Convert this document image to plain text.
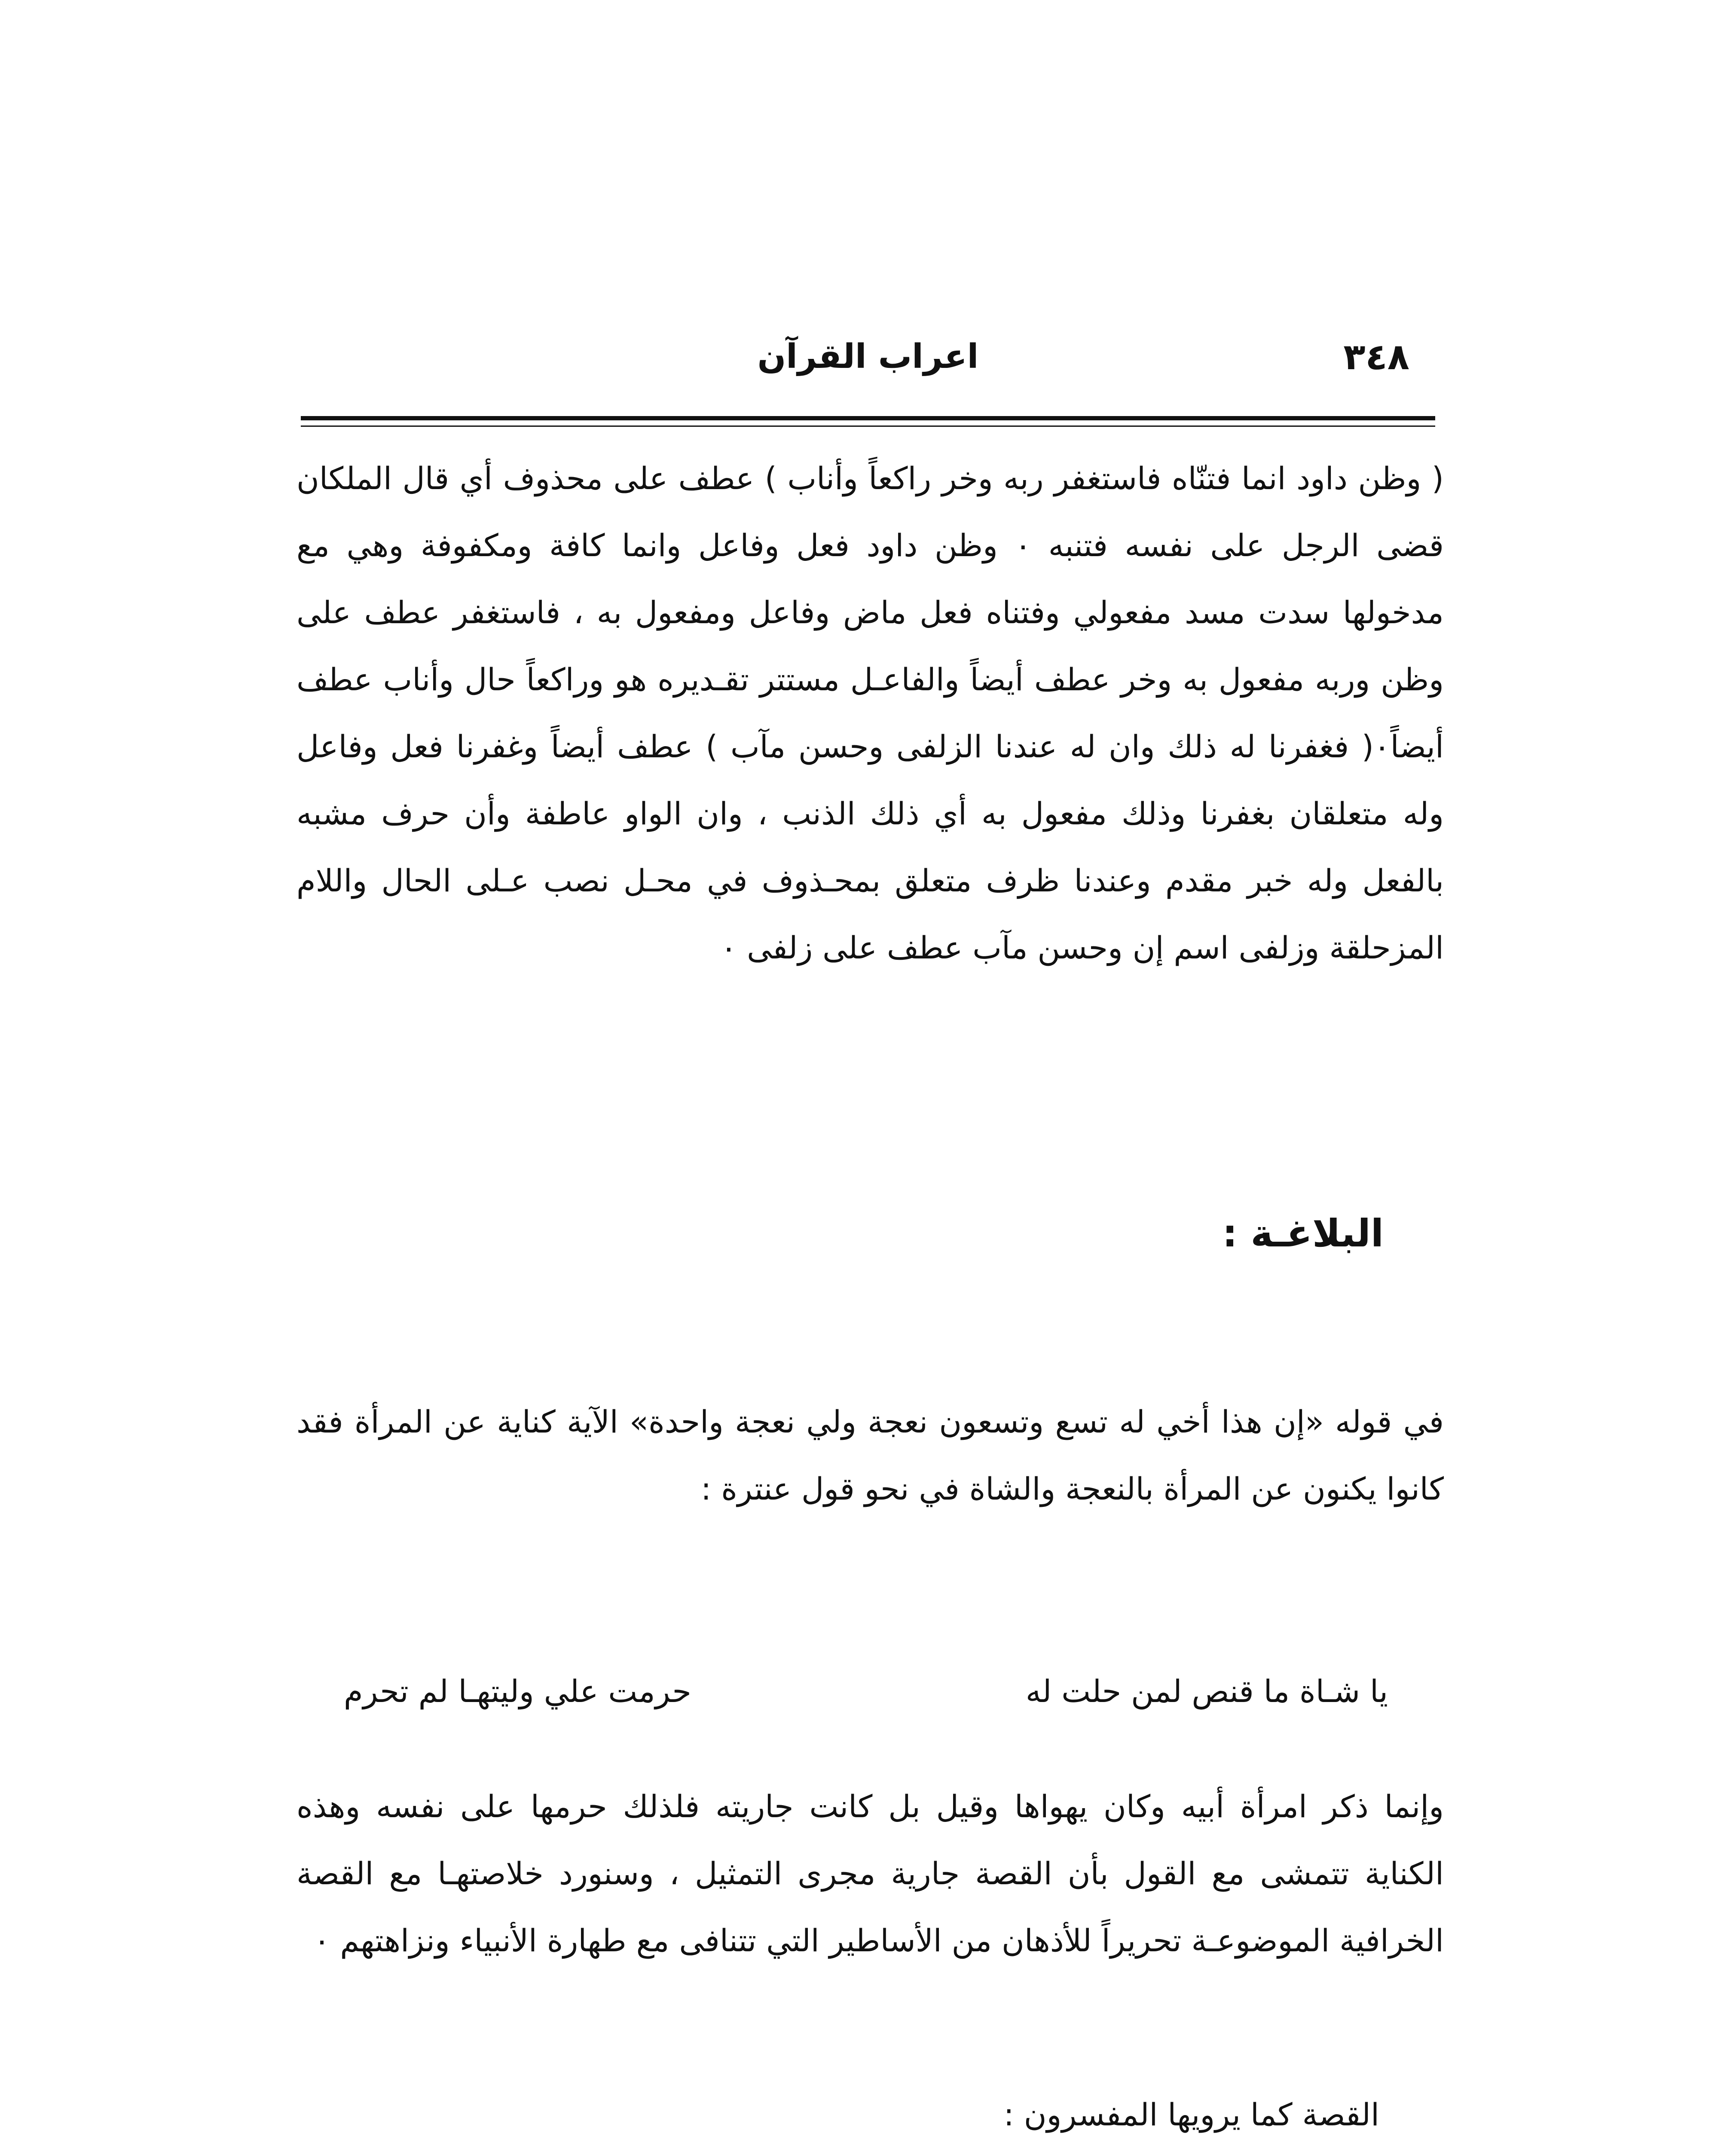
٣٤٨
اعراب القرآن

( وظن داود انما فتنّاه فاستغفر ربه وخر راكعاً وأناب ) عطف على محذوف أي قال الملكان قضى الرجل على نفسه فتنبه ٠ وظن داود فعل وفاعل وانما كافة ومكفوفة وهي مع مدخولها سدت مسد مفعولي وفتناه فعل ماض وفاعل ومفعول به ، فاستغفر عطف على وظن وربه مفعول به وخر عطف أيضاً والفاعـل مستتر تقـديره هو وراكعاً حال وأناب عطف أيضاً٠( فغفرنا له ذلك وان له عندنا الزلفى وحسن مآب ) عطف أيضاً وغفرنا فعل وفاعل وله متعلقان بغفرنا وذلك مفعول به أي ذلك الذنب ، وان الواو عاطفة وأن حرف مشبه بالفعل وله خبر مقدم وعندنا ظرف متعلق بمحـذوف في محـل نصب عـلى الحال واللام المزحلقة وزلفى اسم إن وحسن مآب عطف على زلفى ٠

البلاغـة :

في قوله «إن هذا أخي له تسع وتسعون نعجة ولي نعجة واحدة» الآية كناية عن المرأة فقد كانوا يكنون عن المرأة بالنعجة والشاة في نحو قول عنترة :

يا شـاة ما قنص لمن حلت له
حرمت علي وليتهـا لم تحرم

وإنما ذكر امرأة أبيه وكان يهواها وقيل بل كانت جاريته فلذلك حرمها على نفسه وهذه الكناية تتمشى مع القول بأن القصة جارية مجرى التمثيل ، وسنورد خلاصتهـا مع القصة الخرافية الموضوعـة تحريراً للأذهان من الأساطير التي تتنافى مع طهارة الأنبياء ونزاهتهم ٠

القصة كما يرويها المفسرون :
